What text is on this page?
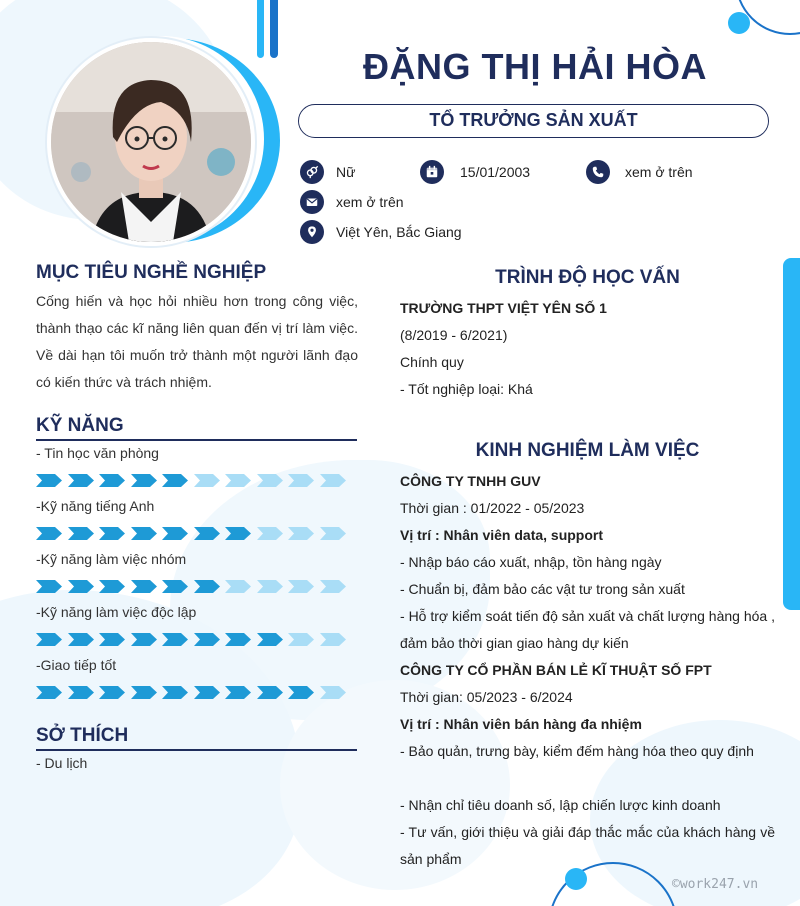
ĐẶNG THỊ HẢI HÒA
TỔ TRƯỞNG SẢN XUẤT
Nữ	15/01/2003	xem ở trên
xem ở trên
Việt Yên, Bắc Giang
MỤC TIÊU NGHỀ NGHIỆP
Cống hiến và học hỏi nhiều hơn trong công việc, thành thạo các kĩ năng liên quan đến vị trí làm việc. Về dài hạn tôi muốn trở thành một người lãnh đạo có kiến thức và trách nhiệm.
KỸ NĂNG
- Tin học văn phòng
-Kỹ năng tiếng Anh
-Kỹ năng làm việc nhóm
-Kỹ năng làm việc độc lập
-Giao tiếp tốt
SỞ THÍCH
- Du lịch
TRÌNH ĐỘ HỌC VẤN
TRƯỜNG THPT VIỆT YÊN SỐ 1
(8/2019 - 6/2021)
Chính quy
- Tốt nghiệp loại: Khá
KINH NGHIỆM LÀM VIỆC
CÔNG TY TNHH GUV
Thời gian : 01/2022 - 05/2023
Vị trí : Nhân viên data, support
- Nhập báo cáo xuất, nhập, tồn hàng ngày
- Chuẩn bị, đảm bảo các vật tư trong sản xuất
- Hỗ trợ kiểm soát tiến độ sản xuất và chất lượng hàng hóa , đảm bảo thời gian giao hàng dự kiến
CÔNG TY CỔ PHẦN BÁN LẺ KĨ THUẬT SỐ FPT
Thời gian: 05/2023 - 6/2024
Vị trí : Nhân viên bán hàng đa nhiệm
- Bảo quản, trưng bày, kiểm đếm hàng hóa theo quy định
- Nhận chỉ tiêu doanh số, lập chiến lược kinh doanh
- Tư vấn, giới thiệu và giải đáp thắc mắc của khách hàng về sản phẩm
©work247.vn
